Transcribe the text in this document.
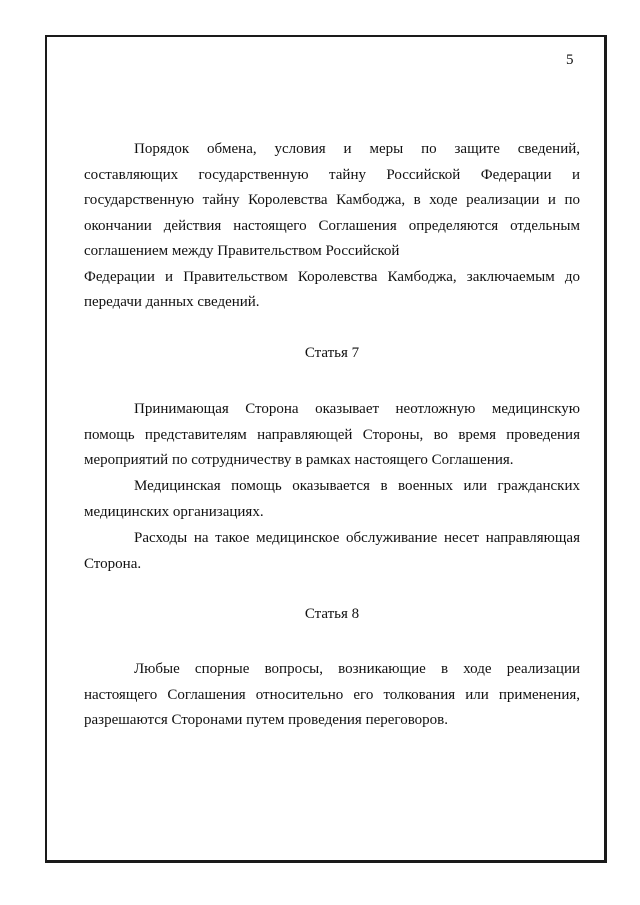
5
Порядок обмена, условия и меры по защите сведений,
составляющих государственную тайну Российской Федерации и
государственную тайну Королевства Камбоджа, в ходе реализации и по
окончании действия настоящего Соглашения определяются отдельным
соглашением между Правительством Российской
Федерации и Правительством Королевства Камбоджа, заключаемым до
передачи данных сведений.
Статья 7
Принимающая Сторона оказывает неотложную медицинскую
помощь представителям направляющей Стороны, во время проведения
мероприятий по сотрудничеству в рамках настоящего Соглашения.
Медицинская помощь оказывается в военных или гражданских
медицинских организациях.
Расходы на такое медицинское обслуживание несет направляющая
Сторона.
Статья 8
Любые спорные вопросы, возникающие в ходе реализации
настоящего Соглашения относительно его толкования или применения,
разрешаются Сторонами путем проведения переговоров.
